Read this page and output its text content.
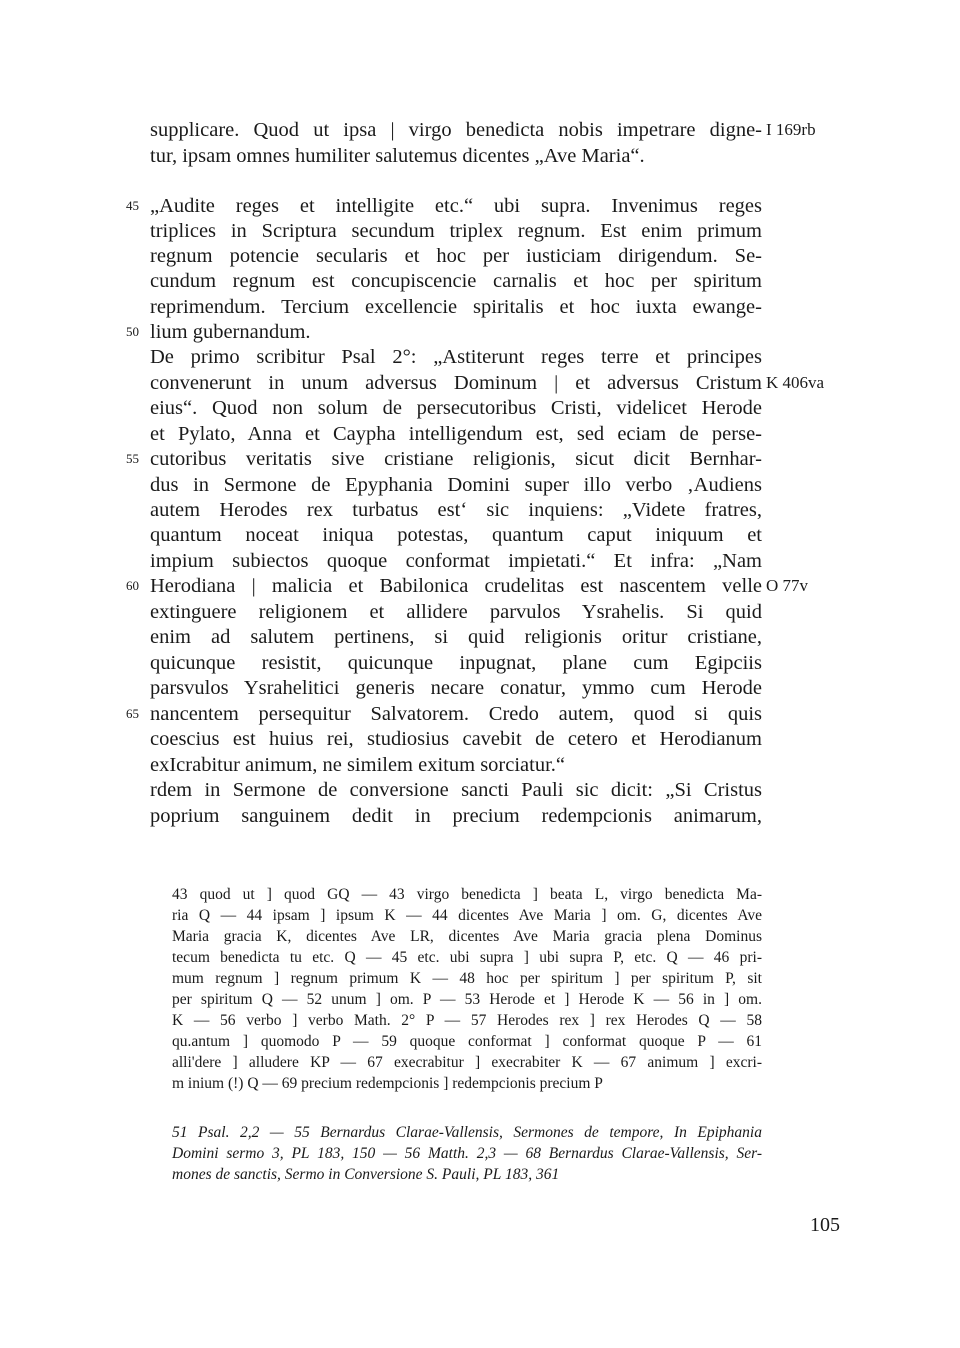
supplicare. Quod ut ipsa | virgo benedicta nobis impetrare digne-
tur, ipsam omnes humiliter salutemus dicentes „Ave Maria“.
„Audite reges et intelligite etc.“ ubi supra. Invenimus reges
triplices in Scriptura secundum triplex regnum. Est enim primum
regnum potencie secularis et hoc per iusticiam dirigendum. Se-
cundum regnum est concupiscencie carnalis et hoc per spiritum
reprimendum. Tercium excellencie spiritalis et hoc iuxta ewange-
lium gubernandum.
De primo scribitur Psal 2°: „Astiterunt reges terre et principes
convenerunt in unum adversus Dominum | et adversus Cristum
eius“. Quod non solum de persecutoribus Cristi, videlicet Herode
et Pylato, Anna et Caypha intelligendum est, sed eciam de perse-
cutoribus veritatis sive cristiane religionis, sicut dicit Bernhar-
dus in Sermone de Epyphania Domini super illo verbo ‚Audiens
autem Herodes rex turbatus est‘ sic inquiens: „Videte fratres,
quantum noceat iniqua potestas, quantum caput iniquum et
impium subiectos quoque conformat impietati.“ Et infra: „Nam
Herodiana | malicia et Babilonica crudelitas est nascentem velle
extinguere religionem et allidere parvulos Ysrahelis. Si quid
enim ad salutem pertinens, si quid religionis oritur cristiane,
quicunque resistit, quicunque inpugnat, plane cum Egipciis
parsvulos Ysrahelitici generis necare conatur, ymmo cum Herode
nancentem persequitur Salvatorem. Credo autem, quod si quis
coescius est huius rei, studiosius cavebit de cetero et Herodianum
exIcrabitur animum, ne similem exitum sorciatur.“
rdem in Sermone de conversione sancti Pauli sic dicit: „Si Cristus
poprium sanguinem dedit in precium redempcionis animarum,
45
50
55
60
65
I 169rb
K 406va
O 77v
43 quod ut ] quod GQ — 43 virgo benedicta ] beata L, virgo benedicta Ma-
ria Q — 44 ipsam ] ipsum K — 44 dicentes Ave Maria ] om. G, dicentes Ave
Maria gracia K, dicentes Ave LR, dicentes Ave Maria gracia plena Dominus
tecum benedicta tu etc. Q — 45 etc. ubi supra ] ubi supra P, etc. Q — 46 pri-
mum regnum ] regnum primum K — 48 hoc per spiritum ] per spiritum P, sit
per spiritum Q — 52 unum ] om. P — 53 Herode et ] Herode K — 56 in ] om.
K — 56 verbo ] verbo Math. 2° P — 57 Herodes rex ] rex Herodes Q — 58
qu.antum ] quomodo P — 59 quoque conformat ] conformat quoque P — 61
alli'dere ] alludere KP — 67 execrabitur ] execrabiter K — 67 animum ] excri-
m inium (!) Q — 69 precium redempcionis ] redempcionis precium P
51 Psal. 2,2 — 55 Bernardus Clarae-Vallensis, Sermones de tempore, In Epiphania
Domini sermo 3, PL 183, 150 — 56 Matth. 2,3 — 68 Bernardus Clarae-Vallensis, Ser-
mones de sanctis, Sermo in Conversione S. Pauli, PL 183, 361
105
